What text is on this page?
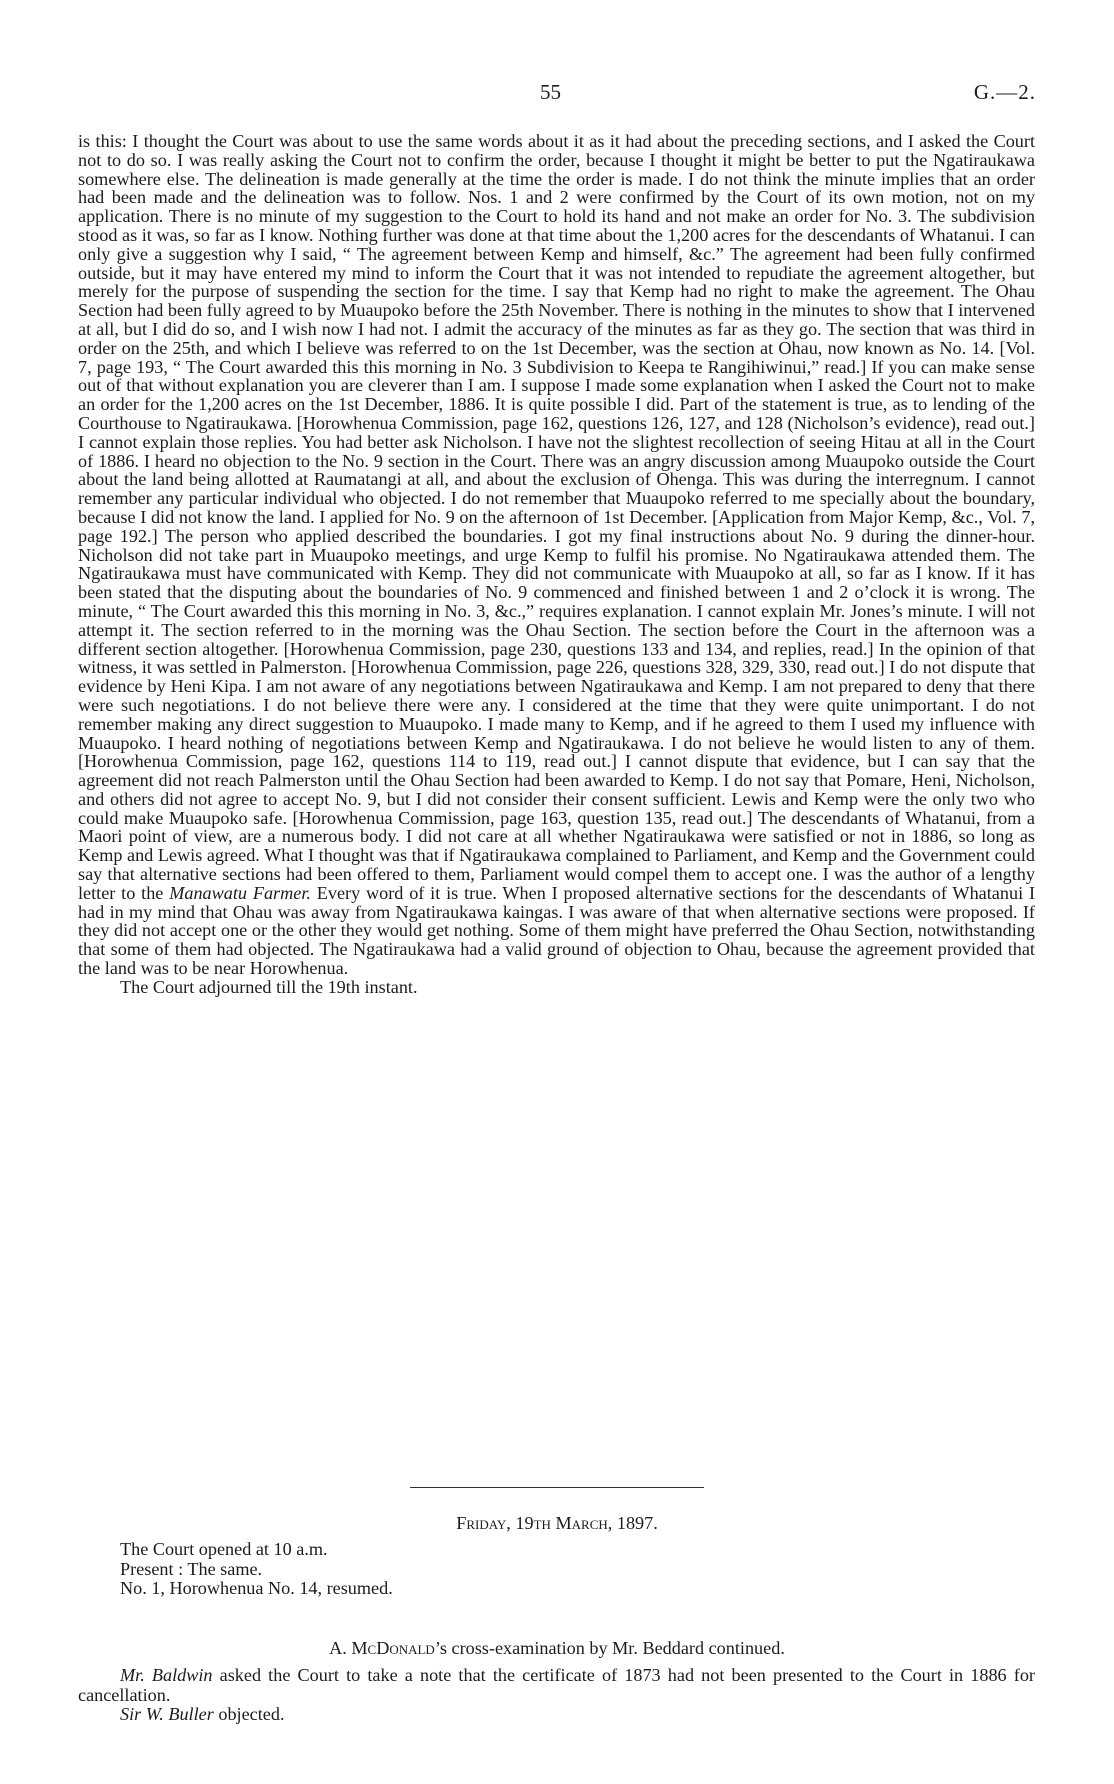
55	G.—2.

is this: I thought the Court was about to use the same words about it as it had about the preceding sections, and I asked the Court not to do so. I was really asking the Court not to confirm the order, because I thought it might be better to put the Ngatiraukawa somewhere else. The delineation is made generally at the time the order is made. I do not think the minute implies that an order had been made and the delineation was to follow. Nos. 1 and 2 were confirmed by the Court of its own motion, not on my application. There is no minute of my suggestion to the Court to hold its hand and not make an order for No. 3. The subdivision stood as it was, so far as I know. Nothing further was done at that time about the 1,200 acres for the descendants of Whatanui. I can only give a suggestion why I said, “ The agreement between Kemp and himself, &c.” The agreement had been fully confirmed outside, but it may have entered my mind to inform the Court that it was not intended to repudiate the agreement altogether, but merely for the purpose of suspending the section for the time. I say that Kemp had no right to make the agreement. The Ohau Section had been fully agreed to by Muaupoko before the 25th November. There is nothing in the minutes to show that I intervened at all, but I did do so, and I wish now I had not. I admit the accuracy of the minutes as far as they go. The section that was third in order on the 25th, and which I believe was referred to on the 1st December, was the section at Ohau, now known as No. 14. [Vol. 7, page 193, “ The Court awarded this this morning in No. 3 Subdivision to Keepa te Rangihiwinui,” read.] If you can make sense out of that without explanation you are cleverer than I am. I suppose I made some explanation when I asked the Court not to make an order for the 1,200 acres on the 1st December, 1886. It is quite possible I did. Part of the statement is true, as to lending of the Courthouse to Ngatiraukawa. [Horowhenua Commission, page 162, questions 126, 127, and 128 (Nicholson’s evidence), read out.] I cannot explain those replies. You had better ask Nicholson. I have not the slightest recollection of seeing Hitau at all in the Court of 1886. I heard no objection to the No. 9 section in the Court. There was an angry discussion among Muaupoko outside the Court about the land being allotted at Raumatangi at all, and about the exclusion of Ohenga. This was during the interregnum. I cannot remember any particular individual who objected. I do not remember that Muaupoko referred to me specially about the boundary, because I did not know the land. I applied for No. 9 on the afternoon of 1st December. [Application from Major Kemp, &c., Vol. 7, page 192.] The person who applied described the boundaries. I got my final instructions about No. 9 during the dinner-hour. Nicholson did not take part in Muaupoko meetings, and urge Kemp to fulfil his promise. No Ngatiraukawa attended them. The Ngatiraukawa must have communicated with Kemp. They did not communicate with Muaupoko at all, so far as I know. If it has been stated that the disputing about the boundaries of No. 9 commenced and finished between 1 and 2 o’clock it is wrong. The minute, “ The Court awarded this this morning in No. 3, &c.,” requires explanation. I cannot explain Mr. Jones’s minute. I will not attempt it. The section referred to in the morning was the Ohau Section. The section before the Court in the afternoon was a different section altogether. [Horowhenua Commission, page 230, questions 133 and 134, and replies, read.] In the opinion of that witness, it was settled in Palmerston. [Horowhenua Commission, page 226, questions 328, 329, 330, read out.] I do not dispute that evidence by Heni Kipa. I am not aware of any negotiations between Ngatiraukawa and Kemp. I am not prepared to deny that there were such negotiations. I do not believe there were any. I considered at the time that they were quite unimportant. I do not remember making any direct suggestion to Muaupoko. I made many to Kemp, and if he agreed to them I used my influence with Muaupoko. I heard nothing of negotiations between Kemp and Ngatiraukawa. I do not believe he would listen to any of them. [Horowhenua Commission, page 162, questions 114 to 119, read out.] I cannot dispute that evidence, but I can say that the agreement did not reach Palmerston until the Ohau Section had been awarded to Kemp. I do not say that Pomare, Heni, Nicholson, and others did not agree to accept No. 9, but I did not consider their consent sufficient. Lewis and Kemp were the only two who could make Muaupoko safe. [Horowhenua Commission, page 163, question 135, read out.] The descendants of Whatanui, from a Maori point of view, are a numerous body. I did not care at all whether Ngatiraukawa were satisfied or not in 1886, so long as Kemp and Lewis agreed. What I thought was that if Ngatiraukawa complained to Parliament, and Kemp and the Government could say that alternative sections had been offered to them, Parliament would compel them to accept one. I was the author of a lengthy letter to the Manawatu Farmer. Every word of it is true. When I proposed alternative sections for the descendants of Whatanui I had in my mind that Ohau was away from Ngatiraukawa kaingas. I was aware of that when alternative sections were proposed. If they did not accept one or the other they would get nothing. Some of them might have preferred the Ohau Section, notwithstanding that some of them had objected. The Ngatiraukawa had a valid ground of objection to Ohau, because the agreement provided that the land was to be near Horowhenua.

The Court adjourned till the 19th instant.

Friday, 19th March, 1897.
The Court opened at 10 a.m.
Present : The same.
No. 1, Horowhenua No. 14, resumed.
A. McDonald’s cross-examination by Mr. Beddard continued.

Mr. Baldwin asked the Court to take a note that the certificate of 1873 had not been presented to the Court in 1886 for cancellation.

Sir W. Buller objected.
